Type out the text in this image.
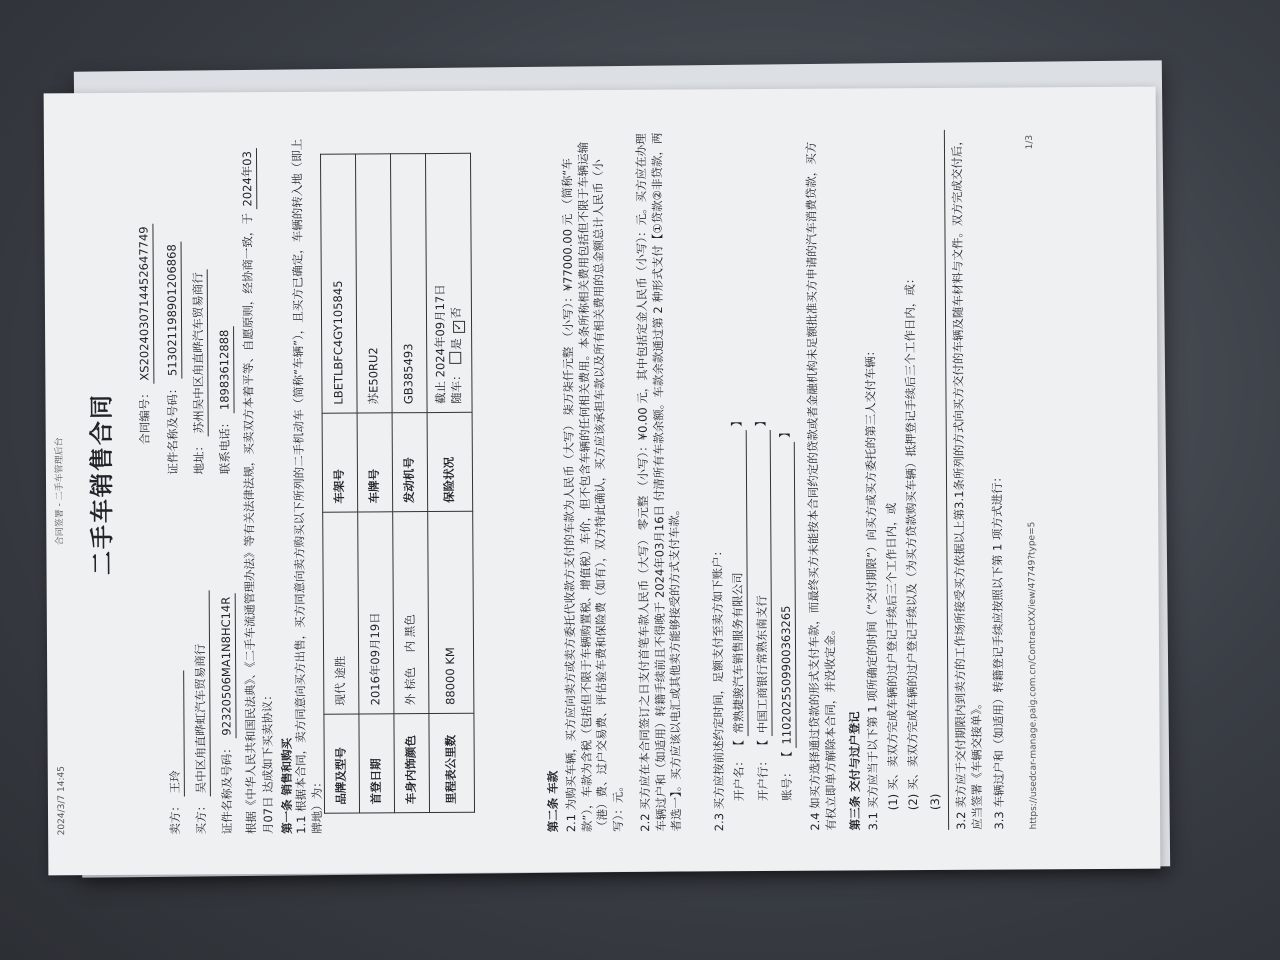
2024/3/7 14:45
合同签署 - 二手车管理后台 二手车销售合同 合同编号： XS2024030714452647749
卖方： 王玲
证件名称及号码： 513021198901206868
买方： 吴中区甪直晔虹汽车贸易商行
地址： 苏州吴中区甪直晔汽车贸易商行
证件名称及号码： 92320506MA1N8HC14R
联系电话： 18983612888 根据《中华人民共和国民法典》、《二手车流通管理办法》等有关法律法规，买卖双方本着平等、自愿原则，经协商一致，于 2024年03 月07日 达成如下买卖协议： 第一条 销售和购买
1.1 根据本合同，卖方同意向买方出售，买方同意向卖方购买以下所列的二手机动车（简称“车辆”），且买方已确定，车辆的转入地（即上牌地）为：
品牌及型号	现代 途胜	车架号	LBETLBFC4GY105845
首登日期	2016年09月19日	车牌号	苏E50RU2
车身内饰颜色	外 棕色    内 黑色	发动机号	GB385493
里程表公里数	88000 KM	保险状况	截止 2024年09月17日 随车： 是 ✓否
第二条 车款 2.1 为购买车辆，买方应向卖方或卖方委托代收款方支付的车款为人民币（大写） 柒万柒仟元整 （小写）：¥77000.00 元 （简称“车款”），车款为含税（包括但不限于车辆购置税、增值税）车价，但不包含车辆的任何相关费用。本条所称相关费用包括但不限于车辆运输（港）费、过户交易费、评估验车费和保险费（如有），双方特此确认，买方应该承担车款以及所有相关费用的总金额总计人民币（小写）：元。 2.2 买方应在本合同签订之日支付首笔车款人民币（大写） 零元整 （小写）：¥0.00 元，其中包括定金人民币（小写）：元。买方应在办理车辆过户和（如适用）转籍手续前且不得晚于 2024年03月16日 付清所有车款余额。车款余款通过第 2 种形式支付【①贷款②非贷款，两者选一】。买方应该以电汇或其他卖方能够接受的方式支付车款。 2.3 买方应按前述约定时间，足额支付至卖方如下账户： 开户名： 【 常熟捷骏汽车销售服务有限公司 】
开户行： 【 中国工商银行常熟东南支行 】
账号： 【 1102025509900363265 】	2.4 如买方选择通过贷款的形式支付车款，而最终买方未能按本合同约定的贷款或者金融机构未足额批准买方申请的汽车消费贷款，买方有权立即单方解除本合同，并没收定金。 第三条 交付与过户登记 3.1 买方应当于以下第 1 项所确定的时间（“交付期限”）向买方或买方委托的第三人交付车辆： (1) 买、卖双方完成车辆的过户登记手续后三个工作日内，或 (2) 买、卖双方完成车辆的过户登记手续以及（为买方贷款购买车辆）抵押登记手续后三个工作日内，或： (3) 3.2 卖方应于交付期限内到卖方的工作场所接受买方依据以上第3.1条所列的方式向买方交付的车辆及随车材料与文件。双方完成交付后，应当签署《车辆交接单》。 3.3 车辆过户和（如适用）转籍登记手续应按照以下第 1 项方式进行： https://usedcar-manage.paig.com.cn/ContractXX/iew/47749?type=5
1/3
